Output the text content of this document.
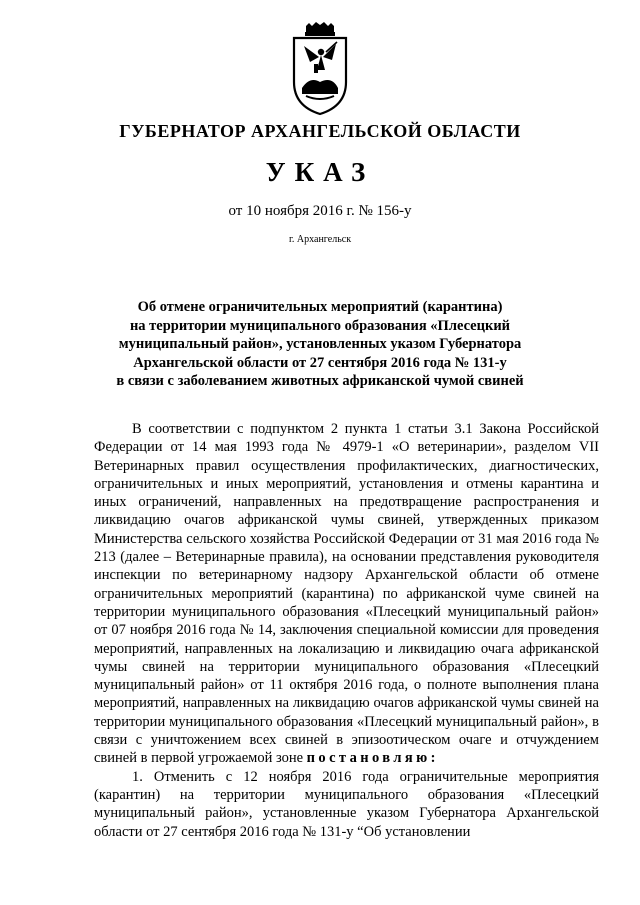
ГУБЕРНАТОР АРХАНГЕЛЬСКОЙ ОБЛАСТИ
УКАЗ
от 10 ноября 2016 г. № 156-у
г. Архангельск
Об отмене ограничительных мероприятий (карантина)
на территории муниципального образования «Плесецкий
муниципальный район», установленных указом Губернатора
Архангельской области от 27 сентября 2016 года № 131-у
в связи с заболеванием животных африканской чумой свиней

В соответствии с подпунктом 2 пункта 1 статьи 3.1 Закона Российской Федерации от 14 мая 1993 года № 4979-1 «О ветеринарии», разделом VII Ветеринарных правил осуществления профилактических, диагностических, ограничительных и иных мероприятий, установления и отмены карантина и иных ограничений, направленных на предотвращение распространения и ликвидацию очагов африканской чумы свиней, утвержденных приказом Министерства сельского хозяйства Российской Федерации от 31 мая 2016 года № 213 (далее – Ветеринарные правила), на основании представления руководителя инспекции по ветеринарному надзору Архангельской области об отмене ограничительных мероприятий (карантина) по африканской чуме свиней на территории муниципального образования «Плесецкий муниципальный район» от 07 ноября 2016 года № 14, заключения специальной комиссии для проведения мероприятий, направленных на локализацию и ликвидацию очага африканской чумы свиней на территории муниципального образования «Плесецкий муниципальный район» от 11 октября 2016 года, о полноте выполнения плана мероприятий, направленных на ликвидацию очагов африканской чумы свиней на территории муниципального образования «Плесецкий муниципальный район», в связи с уничтожением всех свиней в эпизоотическом очаге и отчуждением свиней в первой угрожаемой зоне постановляю:

1. Отменить с 12 ноября 2016 года ограничительные мероприятия (карантин) на территории муниципального образования «Плесецкий муниципальный район», установленные указом Губернатора Архангельской области от 27 сентября 2016 года № 131-у “Об установлении
